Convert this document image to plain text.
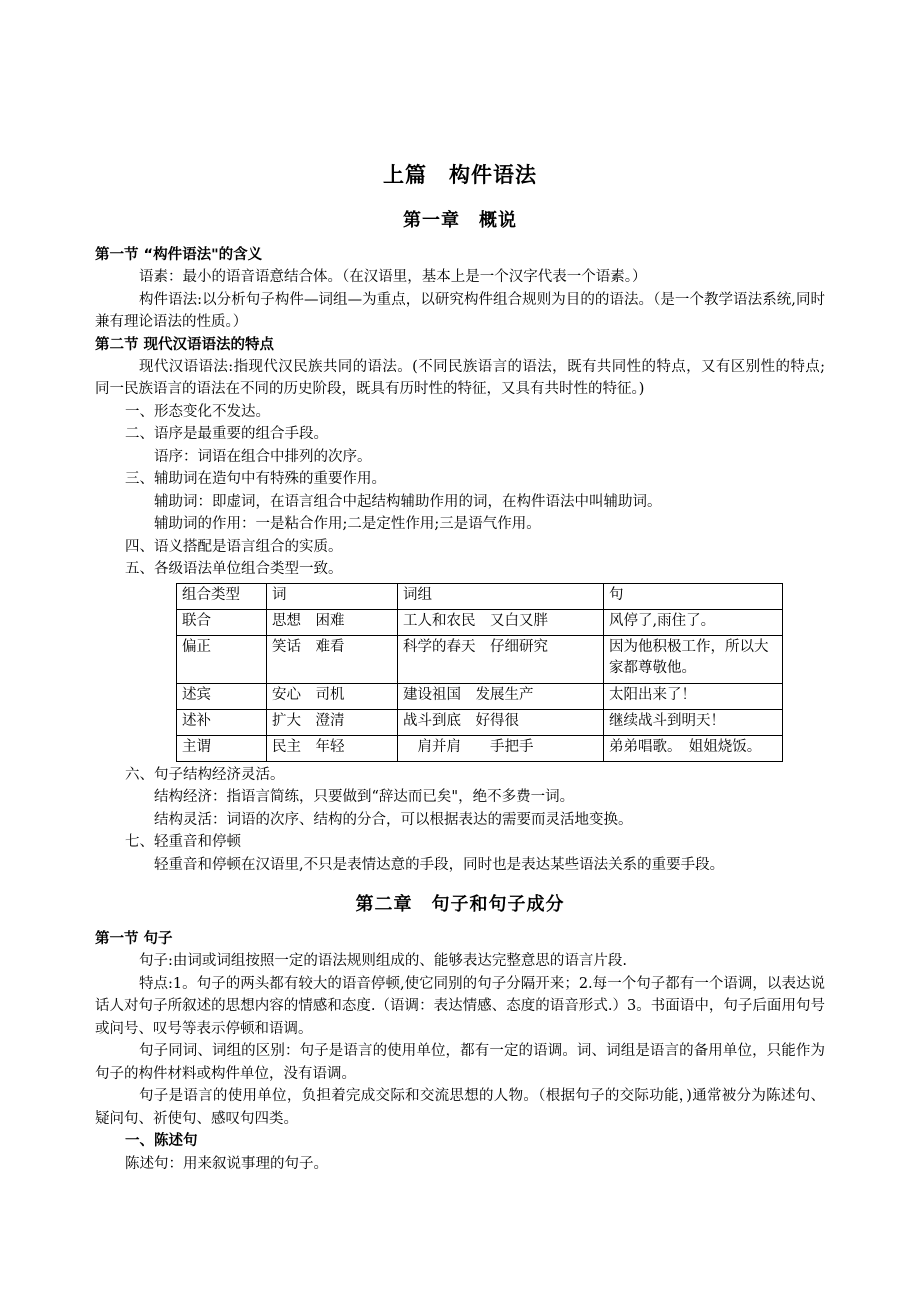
上篇　构件语法
第一章　概说
第一节 “构件语法"的含义

语素：最小的语音语意结合体。（在汉语里，基本上是一个汉字代表一个语素。）

构件语法:以分析句子构件—词组—为重点，以研究构件组合规则为目的的语法。（是一个教学语法系统,同时兼有理论语法的性质。）

第二节 现代汉语语法的特点

现代汉语语法:指现代汉民族共同的语法。(不同民族语言的语法，既有共同性的特点，又有区别性的特点; 同一民族语言的语法在不同的历史阶段，既具有历时性的特征，又具有共时性的特征。)

一、形态变化不发达。

二、语序是最重要的组合手段。

语序：词语在组合中排列的次序。

三、辅助词在造句中有特殊的重要作用。

辅助词：即虚词，在语言组合中起结构辅助作用的词，在构件语法中叫辅助词。

辅助词的作用：一是粘合作用;二是定性作用;三是语气作用。

四、语义搭配是语言组合的实质。

五、各级语法单位组合类型一致。

组合类型	词	词组	句
联合	思想　困难	工人和农民　又白又胖	风停了,雨住了。
偏正	笑话　难看	科学的春天　仔细研究	因为他积极工作，所以大家都尊敬他。
述宾	安心　司机	建设祖国　发展生产	太阳出来了！
述补	扩大　澄清	战斗到底　好得很	继续战斗到明天！
主谓	民主　年轻	　肩并肩　　手把手	弟弟唱歌。　姐姐烧饭。

六、句子结构经济灵活。

结构经济：指语言简练，只要做到“辞达而已矣"，绝不多费一词。

结构灵活：词语的次序、结构的分合，可以根据表达的需要而灵活地变换。

七、轻重音和停顿

轻重音和停顿在汉语里,不只是表情达意的手段，同时也是表达某些语法关系的重要手段。

第二章　句子和句子成分
第一节 句子

句子:由词或词组按照一定的语法规则组成的、能够表达完整意思的语言片段.

特点:1。句子的两头都有较大的语音停顿,使它同别的句子分隔开来；2.每一个句子都有一个语调，以表达说话人对句子所叙述的思想内容的情感和态度.（语调：表达情感、态度的语音形式.）3。书面语中，句子后面用句号或问号、叹号等表示停顿和语调。

句子同词、词组的区别：句子是语言的使用单位，都有一定的语调。词、词组是语言的备用单位，只能作为句子的构件材料或构件单位，没有语调。

句子是语言的使用单位，负担着完成交际和交流思想的人物。（根据句子的交际功能，)通常被分为陈述句、疑问句、祈使句、感叹句四类。

一、陈述句

陈述句：用来叙说事理的句子。
